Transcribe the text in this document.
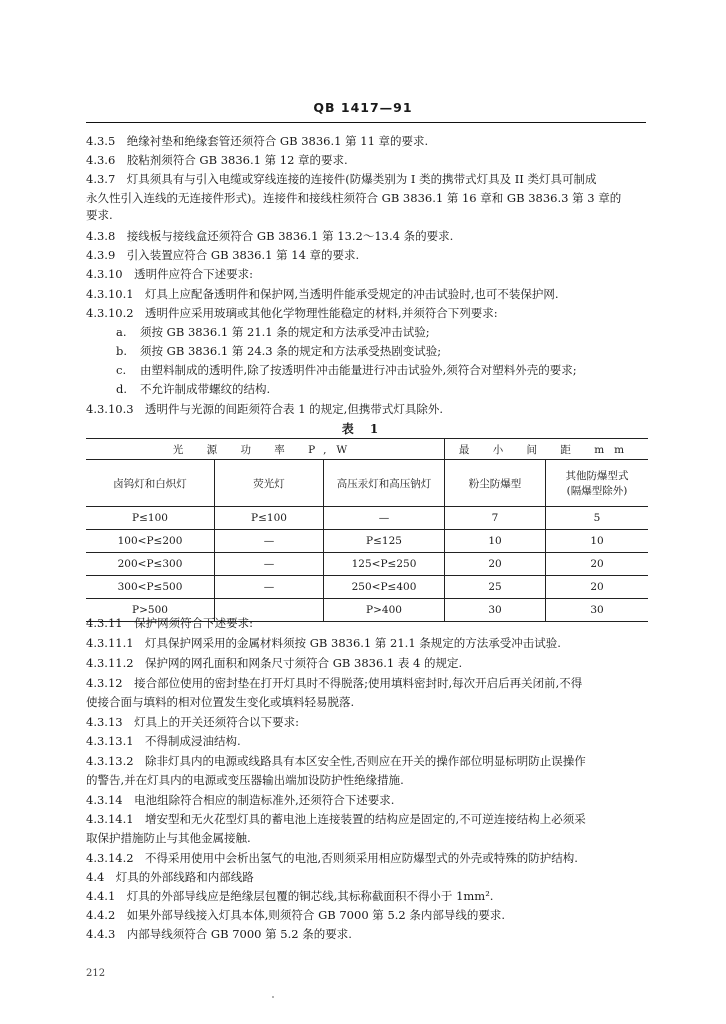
QB 1417—91
4.3.5　绝缘衬垫和绝缘套管还须符合 GB 3836.1 第 11 章的要求.
4.3.6　胶粘剂须符合 GB 3836.1 第 12 章的要求.
4.3.7　灯具须具有与引入电缆或穿线连接的连接件(防爆类别为 I 类的携带式灯具及 II 类灯具可制成
永久性引入连线的无连接件形式)。连接件和接线柱须符合 GB 3836.1 第 16 章和 GB 3836.3 第 3 章的
要求.
4.3.8　接线板与接线盒还须符合 GB 3836.1 第 13.2～13.4 条的要求.
4.3.9　引入装置应符合 GB 3836.1 第 14 章的要求.
4.3.10　透明件应符合下述要求:
4.3.10.1　灯具上应配备透明件和保护网,当透明件能承受规定的冲击试验时,也可不装保护网.
4.3.10.2　透明件应采用玻璃或其他化学物理性能稳定的材料,并须符合下列要求:
a. 须按 GB 3836.1 第 21.1 条的规定和方法承受冲击试验;
b. 须按 GB 3836.1 第 24.3 条的规定和方法承受热剧变试验;
c. 由塑料制成的透明件,除了按透明件冲击能量进行冲击试验外,须符合对塑料外壳的要求;
d. 不允许制成带螺纹的结构.
4.3.10.3　透明件与光源的间距须符合表 1 的规定,但携带式灯具除外.
表 1
光 源 功 率 P,W			最 小 间 距 mm	
卤钨灯和白炽灯	荧光灯	高压汞灯和高压钠灯	粉尘防爆型	其他防爆型式
(隔爆型除外)

P≤100	P≤100	—	7	5
100<P≤200	—	P≤125	10	10
200<P≤300	—	125<P≤250	20	20
300<P≤500	—	250<P≤400	25	20
P>500		P>400	30	30
4.3.11　保护网须符合下述要求:
4.3.11.1　灯具保护网采用的金属材料须按 GB 3836.1 第 21.1 条规定的方法承受冲击试验.
4.3.11.2　保护网的网孔面积和网条尺寸须符合 GB 3836.1 表 4 的规定.
4.3.12　接合部位使用的密封垫在打开灯具时不得脱落;使用填料密封时,每次开启后再关闭前,不得
使接合面与填料的相对位置发生变化或填料轻易脱落.
4.3.13　灯具上的开关还须符合以下要求:
4.3.13.1　不得制成浸油结构.
4.3.13.2　除非灯具内的电源或线路具有本区安全性,否则应在开关的操作部位明显标明防止误操作
的警告,并在灯具内的电源或变压器输出端加设防护性绝缘措施.
4.3.14　电池组除符合相应的制造标准外,还须符合下述要求.
4.3.14.1　增安型和无火花型灯具的蓄电池上连接装置的结构应是固定的,不可逆连接结构上必须采
取保护措施防止与其他金属接触.
4.3.14.2　不得采用使用中会析出氢气的电池,否则须采用相应防爆型式的外壳或特殊的防护结构.
4.4　灯具的外部线路和内部线路
4.4.1　灯具的外部导线应是绝缘层包覆的铜芯线,其标称截面积不得小于 1mm².
4.4.2　如果外部导线接入灯具本体,则须符合 GB 7000 第 5.2 条内部导线的要求.
4.4.3　内部导线须符合 GB 7000 第 5.2 条的要求.
212
